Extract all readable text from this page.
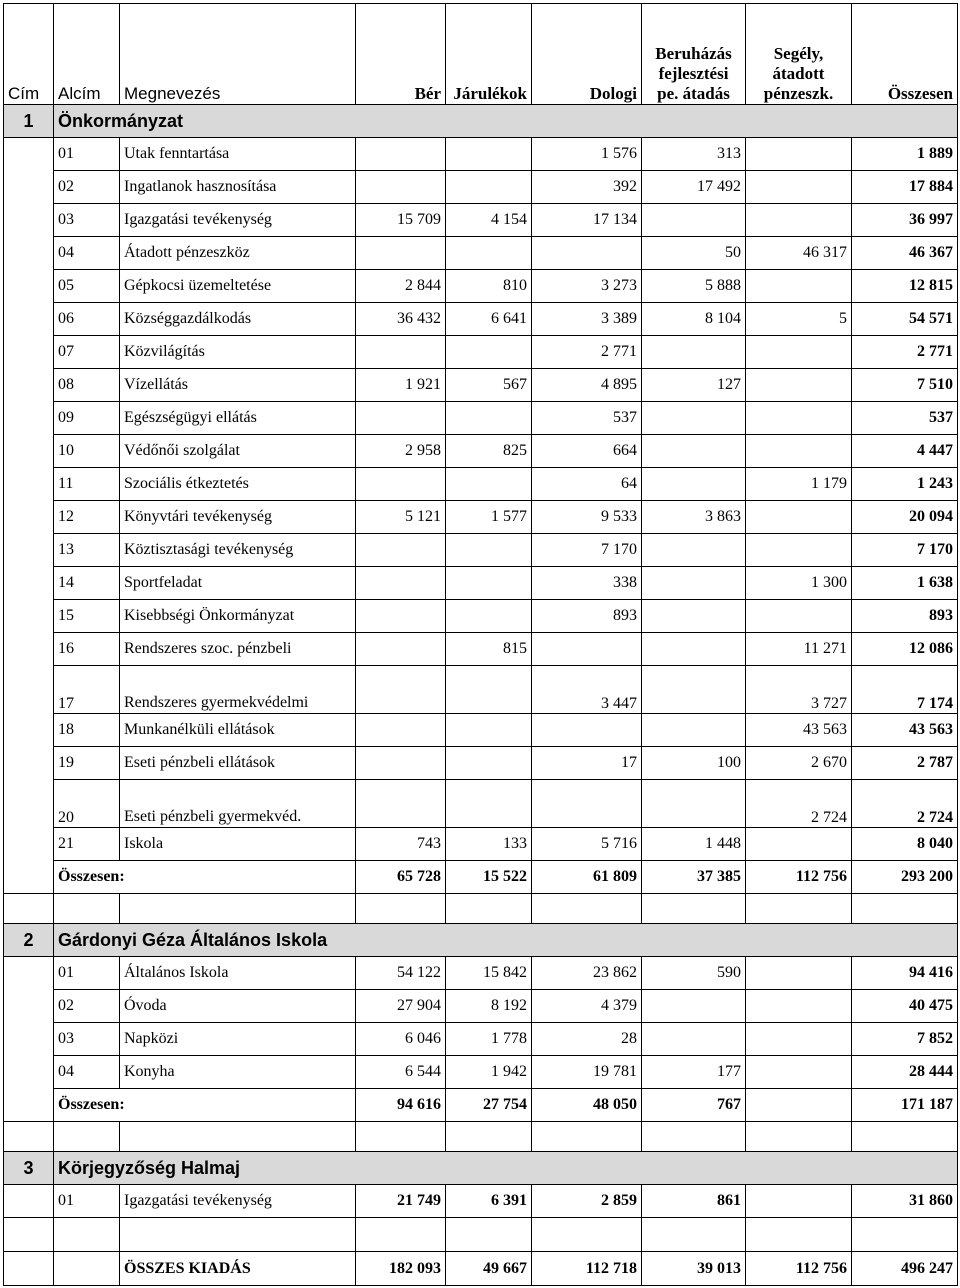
Cím	Alcím	Megnevezés	Bér	Járulékok	Dologi	Beruházás fejlesztési pe. átadás	Segély, átadott pénzeszk.	Összesen
1	Önkormányzat							
	01	Utak fenntartása			1 576	313		1 889
	02	Ingatlanok hasznosítása			392	17 492		17 884
	03	Igazgatási tevékenység	15 709	4 154	17 134			36 997
	04	Átadott pénzeszköz				50	46 317	46 367
	05	Gépkocsi üzemeltetése	2 844	810	3 273	5 888		12 815
	06	Községgazdálkodás	36 432	6 641	3 389	8 104	5	54 571
	07	Közvilágítás			2 771			2 771
	08	Vízellátás	1 921	567	4 895	127		7 510
	09	Egészségügyi ellátás			537			537
	10	Védőnői szolgálat	2 958	825	664			4 447
	11	Szociális étkeztetés			64		1 179	1 243
	12	Könyvtári tevékenység	5 121	1 577	9 533	3 863		20 094
	13	Köztisztasági tevékenység			7 170			7 170
	14	Sportfeladat			338		1 300	1 638
	15	Kisebbségi Önkormányzat			893			893
	16	Rendszeres szoc. pénzbeli		815			11 271	12 086
	17	Rendszeres gyermekvédelmi			3 447		3 727	7 174
	18	Munkanélküli ellátások					43 563	43 563
	19	Eseti pénzbeli ellátások			17	100	2 670	2 787
	20	Eseti pénzbeli gyermekvéd.					2 724	2 724
	21	Iskola	743	133	5 716	1 448		8 040
	Összesen:		65 728	15 522	61 809	37 385	112 756	293 200

2	Gárdonyi Géza Általános Iskola							
	01	Általános Iskola	54 122	15 842	23 862	590		94 416
	02	Óvoda	27 904	8 192	4 379			40 475
	03	Napközi	6 046	1 778	28			7 852
	04	Konyha	6 544	1 942	19 781	177		28 444
	Összesen:		94 616	27 754	48 050	767		171 187

3	Körjegyzőség Halmaj							
	01	Igazgatási tevékenység	21 749	6 391	2 859	861		31 860

		ÖSSZES KIADÁS	182 093	49 667	112 718	39 013	112 756	496 247
